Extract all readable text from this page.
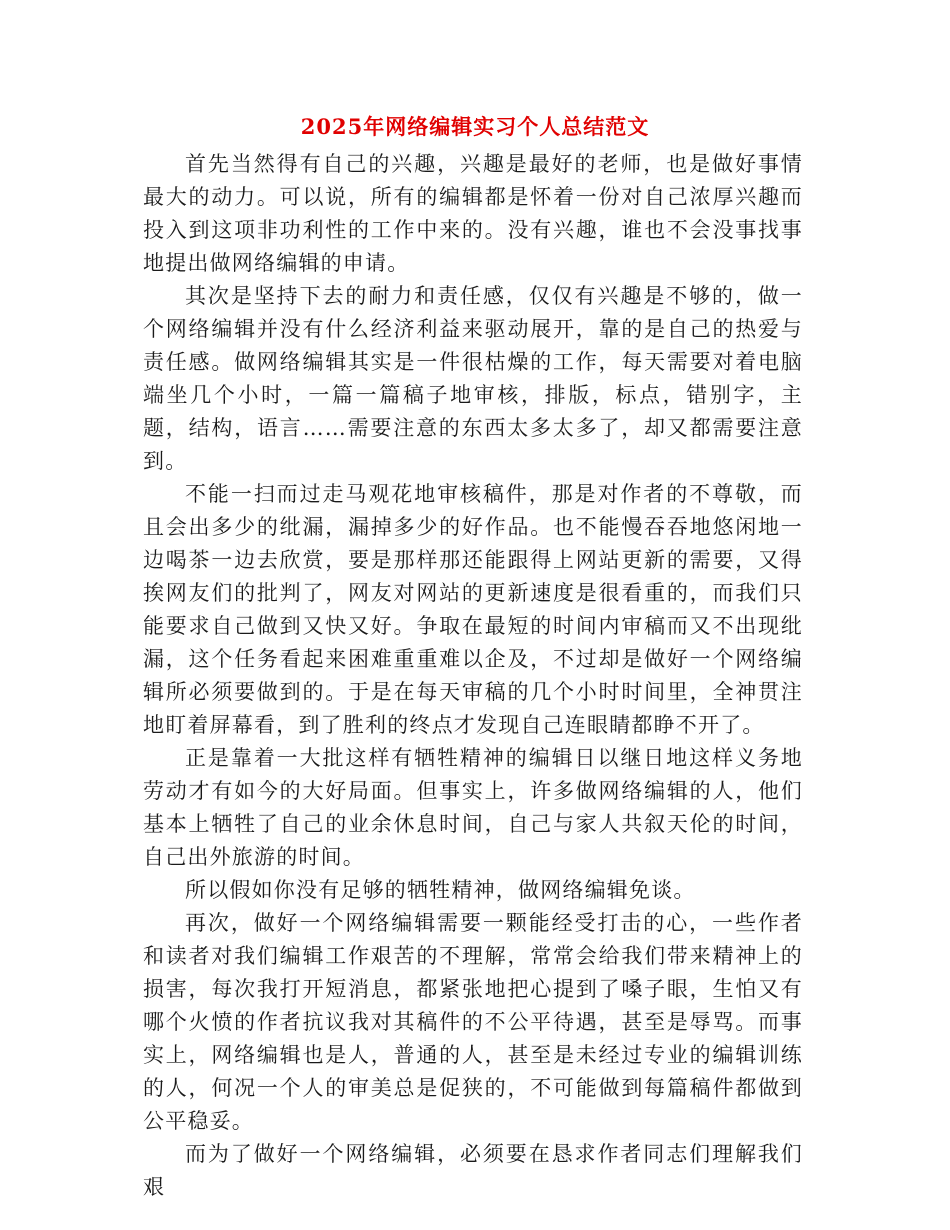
2025年网络编辑实习个人总结范文

首先当然得有自己的兴趣，兴趣是最好的老师，也是做好事情最大的动力。可以说，所有的编辑都是怀着一份对自己浓厚兴趣而投入到这项非功利性的工作中来的。没有兴趣，谁也不会没事找事地提出做网络编辑的申请。

其次是坚持下去的耐力和责任感，仅仅有兴趣是不够的，做一个网络编辑并没有什么经济利益来驱动展开，靠的是自己的热爱与责任感。做网络编辑其实是一件很枯燥的工作，每天需要对着电脑端坐几个小时，一篇一篇稿子地审核，排版，标点，错别字，主题，结构，语言……需要注意的东西太多太多了，却又都需要注意到。

不能一扫而过走马观花地审核稿件，那是对作者的不尊敬，而且会出多少的纰漏，漏掉多少的好作品。也不能慢吞吞地悠闲地一边喝茶一边去欣赏，要是那样那还能跟得上网站更新的需要，又得挨网友们的批判了，网友对网站的更新速度是很看重的，而我们只能要求自己做到又快又好。争取在最短的时间内审稿而又不出现纰漏，这个任务看起来困难重重难以企及，不过却是做好一个网络编辑所必须要做到的。于是在每天审稿的几个小时时间里，全神贯注地盯着屏幕看，到了胜利的终点才发现自己连眼睛都睁不开了。

正是靠着一大批这样有牺牲精神的编辑日以继日地这样义务地劳动才有如今的大好局面。但事实上，许多做网络编辑的人，他们基本上牺牲了自己的业余休息时间，自己与家人共叙天伦的时间，自己出外旅游的时间。

所以假如你没有足够的牺牲精神，做网络编辑免谈。

再次，做好一个网络编辑需要一颗能经受打击的心，一些作者和读者对我们编辑工作艰苦的不理解，常常会给我们带来精神上的损害，每次我打开短消息，都紧张地把心提到了嗓子眼，生怕又有哪个火愤的作者抗议我对其稿件的不公平待遇，甚至是辱骂。而事实上，网络编辑也是人，普通的人，甚至是未经过专业的编辑训练的人，何况一个人的审美总是促狭的，不可能做到每篇稿件都做到公平稳妥。

而为了做好一个网络编辑，必须要在恳求作者同志们理解我们艰
